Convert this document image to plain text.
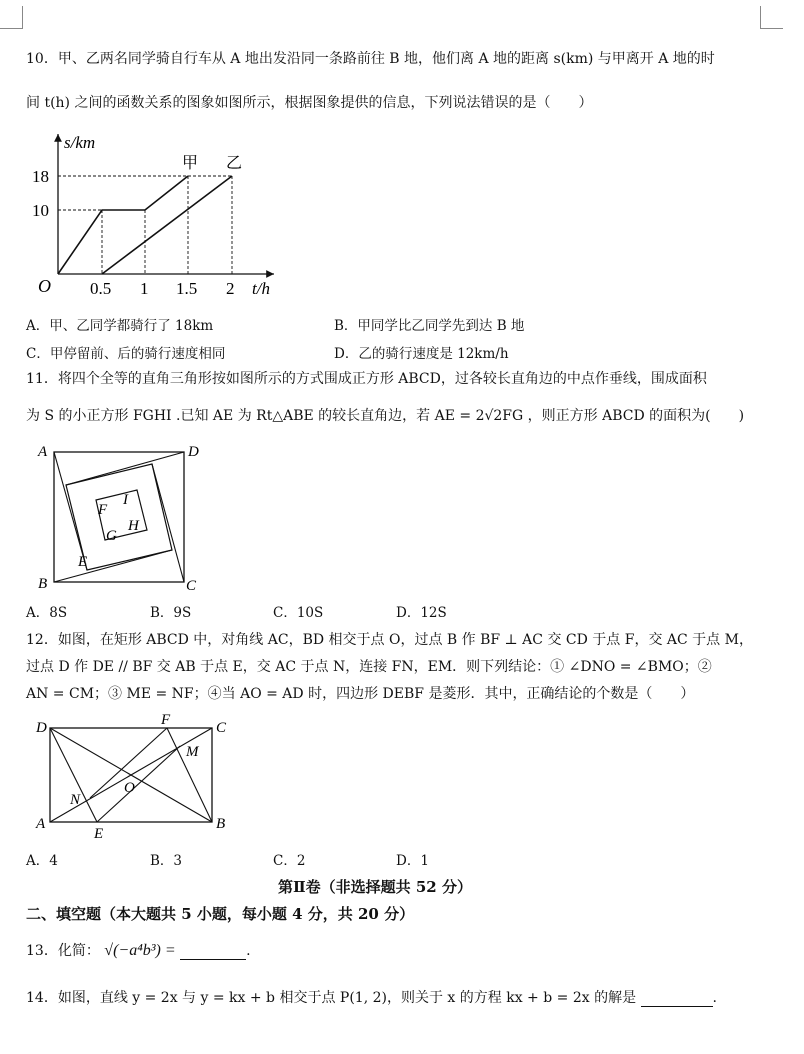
10．甲、乙两名同学骑自行车从 A 地出发沿同一条路前往 B 地，他们离 A 地的距离 s(km) 与甲离开 A 地的时
间 t(h) 之间的函数关系的图象如图所示，根据图象提供的信息，下列说法错误的是（　　）
s/km
t/h
O
18
10
0.5 1 1.5 2
甲 乙
A．甲、乙同学都骑行了 18km	B．甲同学比乙同学先到达 B 地
C．甲停留前、后的骑行速度相同	D．乙的骑行速度是 12km/h
11．将四个全等的直角三角形按如图所示的方式围成正方形 ABCD，过各较长直角边的中点作垂线，围成面积
为 S 的小正方形 FGHI .已知 AE 为 Rt△ABE 的较长直角边，若 AE = 2√2FG ，则正方形 ABCD 的面积为(　　)
A	D
B	C
E
F
G
H
I
A．8S	B．9S	C．10S	D．12S
12．如图，在矩形 ABCD 中，对角线 AC，BD 相交于点 O，过点 B 作 BF ⊥ AC 交 CD 于点 F，交 AC 于点 M，
过点 D 作 DE // BF 交 AB 于点 E，交 AC 于点 N，连接 FN，EM．则下列结论：① ∠DNO = ∠BMO；②
AN = CM；③ ME = NF；④当 AO = AD 时，四边形 DEBF 是菱形．其中，正确结论的个数是（　　）
D	F	C
M
O
N
A
E
B
A．4	B．3	C．2	D．1
第Ⅱ卷（非选择题共 52 分）
二、填空题（本大题共 5 小题，每小题 4 分，共 20 分）
13．化简： √(−a⁴b³) =	.
14．如图，直线 y = 2x 与 y = kx + b 相交于点 P(1, 2)，则关于 x 的方程 kx + b = 2x 的解是	.
